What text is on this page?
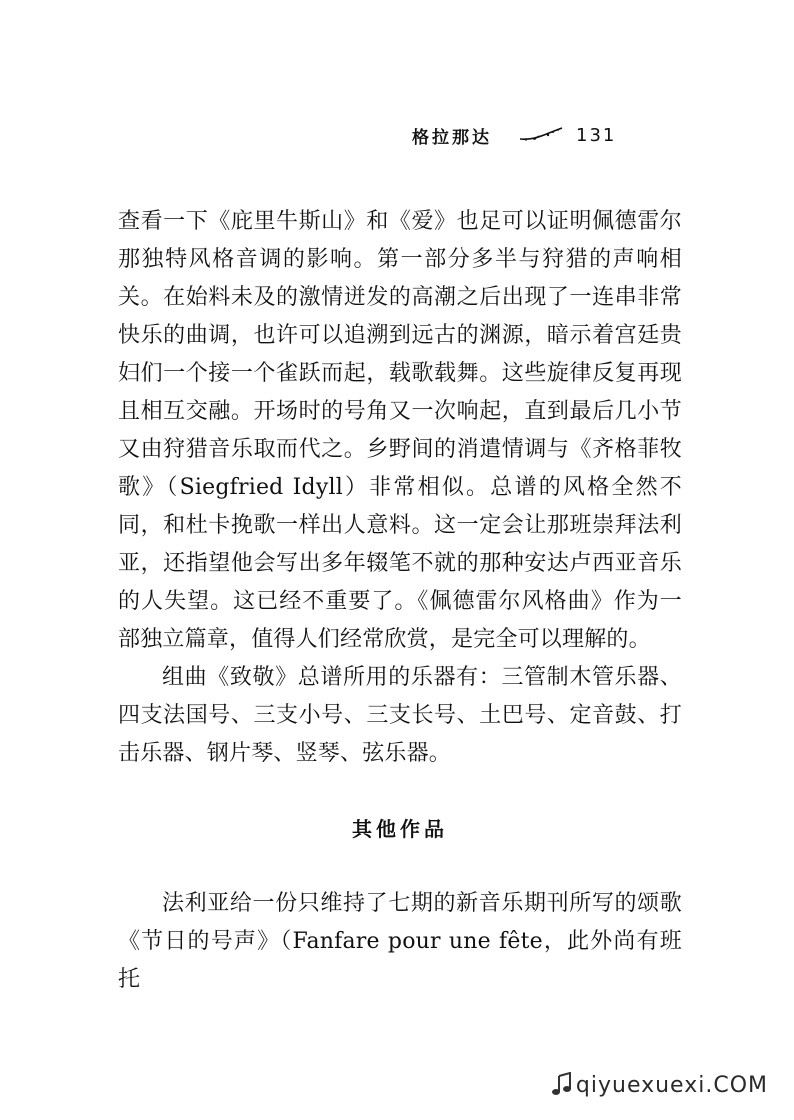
格拉那达	131

查看一下《庇里牛斯山》和《爱》也足可以证明佩德雷尔那独特风格音调的影响。第一部分多半与狩猎的声响相关。在始料未及的激情迸发的高潮之后出现了一连串非常快乐的曲调，也许可以追溯到远古的渊源，暗示着宫廷贵妇们一个接一个雀跃而起，载歌载舞。这些旋律反复再现且相互交融。开场时的号角又一次响起，直到最后几小节又由狩猎音乐取而代之。乡野间的消遣情调与《齐格菲牧歌》（Siegfried Idyll）非常相似。总谱的风格全然不同，和杜卡挽歌一样出人意料。这一定会让那班崇拜法利亚，还指望他会写出多年辍笔不就的那种安达卢西亚音乐的人失望。这已经不重要了。《佩德雷尔风格曲》作为一部独立篇章，值得人们经常欣赏，是完全可以理解的。

组曲《致敬》总谱所用的乐器有：三管制木管乐器、四支法国号、三支小号、三支长号、土巴号、定音鼓、打击乐器、钢片琴、竖琴、弦乐器。

其他作品

法利亚给一份只维持了七期的新音乐期刊所写的颂歌《节日的号声》（Fanfare pour une fête，此外尚有班托

qiyuexuexi.COM
